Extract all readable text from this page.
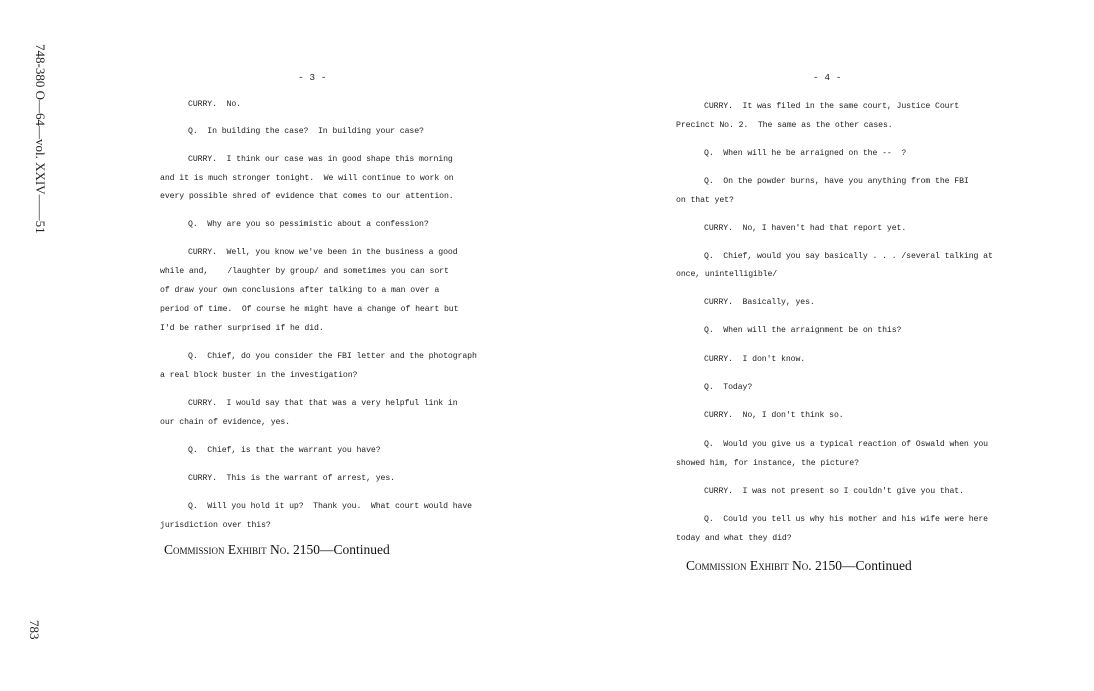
748-380 O—64—vol. XXIV——51
783
- 3 -
CURRY.  No.
Q.  In building the case?  In building your case?
CURRY.  I think our case was in good shape this morning
and it is much stronger tonight.  We will continue to work on
every possible shred of evidence that comes to our attention.
Q.  Why are you so pessimistic about a confession?
CURRY.  Well, you know we've been in the business a good
while and,    /laughter by group/ and sometimes you can sort
of draw your own conclusions after talking to a man over a
period of time.  Of course he might have a change of heart but
I'd be rather surprised if he did.
Q.  Chief, do you consider the FBI letter and the photograph
a real block buster in the investigation?
CURRY.  I would say that that was a very helpful link in
our chain of evidence, yes.
Q.  Chief, is that the warrant you have?
CURRY.  This is the warrant of arrest, yes.
Q.  Will you hold it up?  Thank you.  What court would have
jurisdiction over this?
Commission Exhibit No. 2150—Continued
- 4 -
CURRY.  It was filed in the same court, Justice Court
Precinct No. 2.  The same as the other cases.
Q.  When will he be arraigned on the --  ?
Q.  On the powder burns, have you anything from the FBI
on that yet?
CURRY.  No, I haven't had that report yet.
Q.  Chief, would you say basically . . . /several talking at
once, unintelligible/
CURRY.  Basically, yes.
Q.  When will the arraignment be on this?
CURRY.  I don't know.
Q.  Today?
CURRY.  No, I don't think so.
Q.  Would you give us a typical reaction of Oswald when you
showed him, for instance, the picture?
CURRY.  I was not present so I couldn't give you that.
Q.  Could you tell us why his mother and his wife were here
today and what they did?
Commission Exhibit No. 2150—Continued
